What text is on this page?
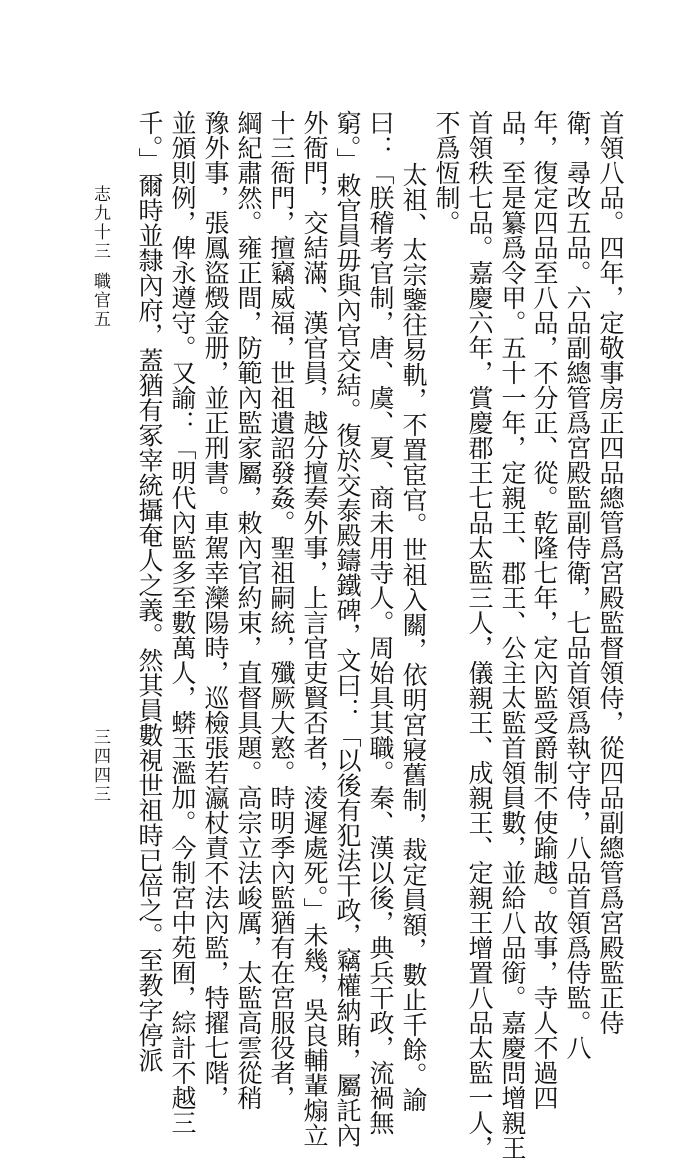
志九十三
職官五
三四四三	首領八品。四年，定敬事房正四品總管爲宮殿監督領侍，從四品副總管爲宮殿監正侍
衛，尋改五品。六品副總管爲宮殿監副侍衛，七品首領爲執守侍，八品首領爲侍監。八
年，復定四品至八品，不分正、從。乾隆七年，定內監受爵制不使踰越。故事，寺人不過四
品，至是纂爲令甲。五十一年，定親王、郡王、公主太監首領員數，並給八品銜。嘉慶問增親王
首領秩七品。嘉慶六年，賞慶郡王七品太監三人，儀親王、成親王、定親王增置八品太監一人，
不爲恆制。
太祖、太宗鑒往易軌，不置宦官。世祖入關，依明宮寢舊制，裁定員額，數止千餘。諭
曰：「朕稽考官制，唐、虞、夏、商未用寺人。周始具其職。秦、漢以後，典兵干政，流禍無
窮。」敕官員毋與內官交結。復於交泰殿鑄鐵碑，文曰：「以後有犯法干政，竊權納賄，屬託內
外衙門，交結滿、漢官員，越分擅奏外事，上言官吏賢否者，淩遲處死。」未幾，吳良輔輩煽立
十三衙門，擅竊威福，世祖遺詔發姦。聖祖嗣統，殲厥大憝。時明季內監猶有在宮服役者，
綱紀肅然。雍正間，防範內監家屬，敕內官約束，直督具題。高宗立法峻厲，太監高雲從稍
豫外事，張鳳盜燬金册，並正刑書。車駕幸灤陽時，巡檢張若瀛杖責不法內監，特擢七階，
並頒則例，俾永遵守。又諭：「明代內監多至數萬人，蟒玉濫加。今制宮中苑囿，綜計不越三
千。」爾時並隸內府，蓋猶有冢宰統攝奄人之義。然其員數視世祖時已倍之。至教字停派
